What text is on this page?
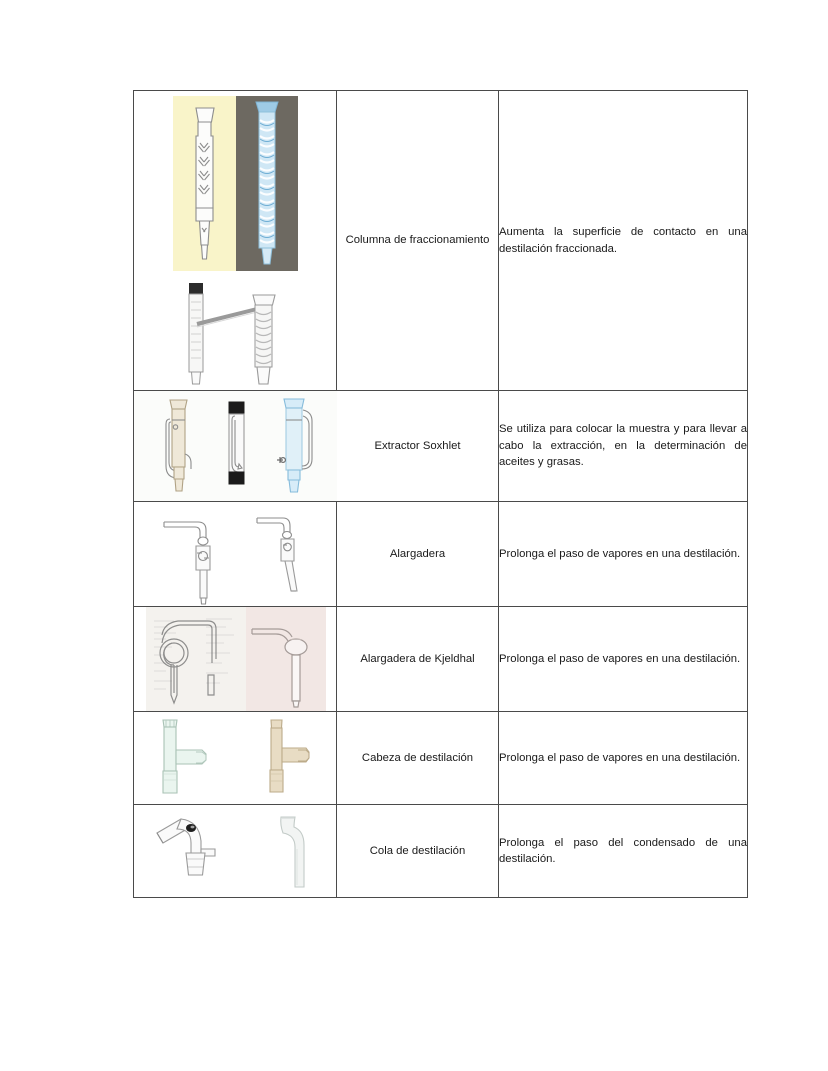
	Columna de fraccionamiento	Aumenta la superficie de contacto en una destilación fraccionada.

	Extractor Soxhlet	Se utiliza para colocar la muestra y para llevar a cabo la extracción, en la determinación de aceites y grasas.

	Alargadera	Prolonga el paso de vapores en una destilación.

	Alargadera de Kjeldhal	Prolonga el paso de vapores en una destilación.

	Cabeza de destilación	Prolonga el paso de vapores en una destilación.

	Cola de destilación	Prolonga el paso del condensado de una destilación.
